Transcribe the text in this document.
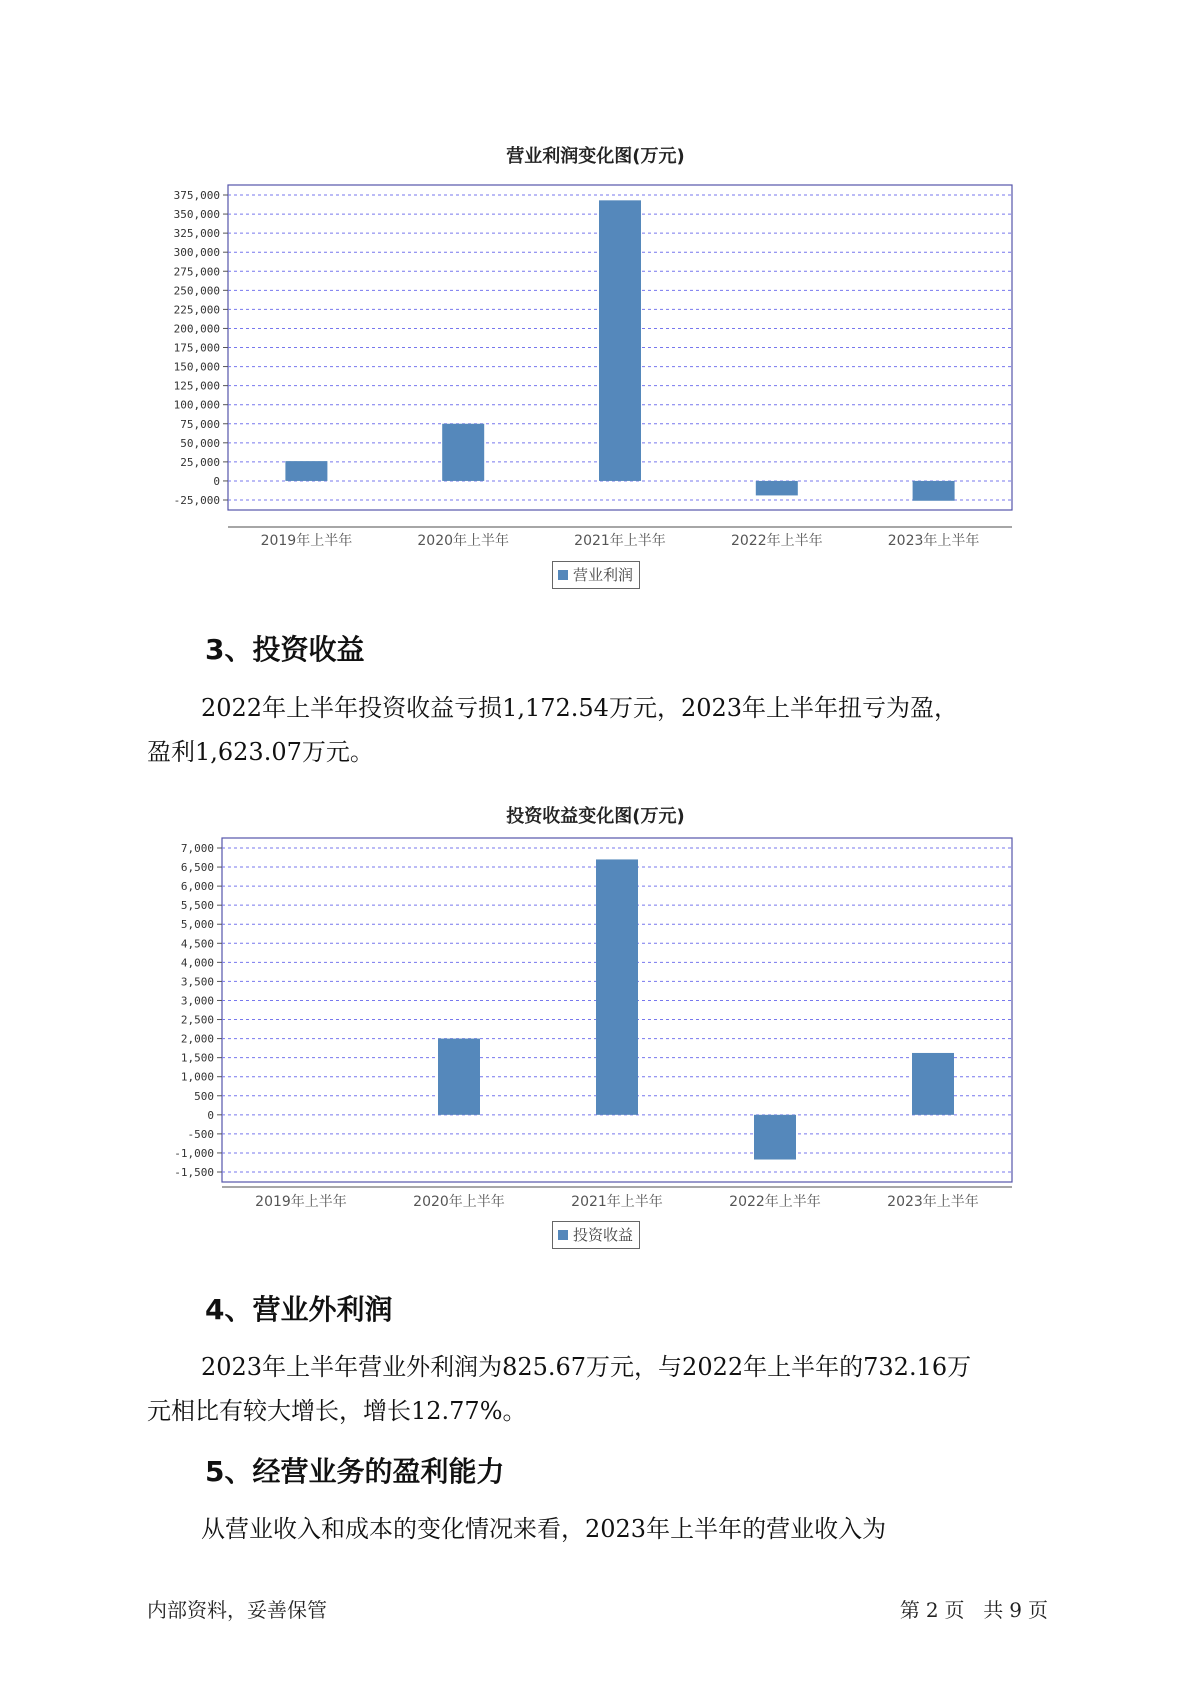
营业利润变化图(万元)
-25,000
0
25,000
50,000
75,000
100,000
125,000
150,000
175,000
200,000
225,000
250,000
275,000
300,000
325,000
350,000
375,000
2019年上半年	2020年上半年	2021年上半年	2022年上半年	2023年上半年
营业利润
3、投资收益

2022年上半年投资收益亏损1,172.54万元，2023年上半年扭亏为盈，
盈利1,623.07万元。

投资收益变化图(万元)
-1,500
-1,000
-500
0
500
1,000
1,500
2,000
2,500
3,000
3,500
4,000
4,500
5,000
5,500
6,000
6,500
7,000
2019年上半年	2020年上半年	2021年上半年	2022年上半年	2023年上半年
投资收益
4、营业外利润

2023年上半年营业外利润为825.67万元，与2022年上半年的732.16万
元相比有较大增长，增长12.77%。

5、经营业务的盈利能力

从营业收入和成本的变化情况来看，2023年上半年的营业收入为

内部资料，妥善保管	第 2 页 共 9 页
